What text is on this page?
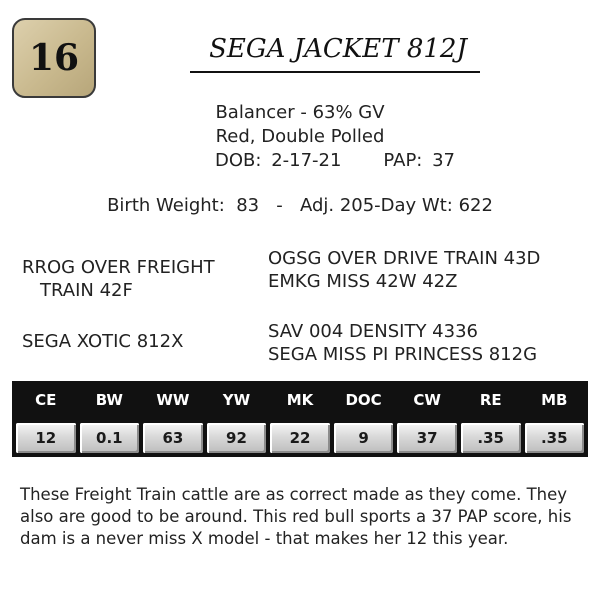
16	SEGA JACKET 812J
Balancer - 63% GV
Red, Double Polled
DOB: 2-17-21 PAP: 37
Birth Weight:  83   -   Adj. 205-Day Wt: 622
RROG OVER FREIGHT
TRAIN 42F
OGSG OVER DRIVE TRAIN 43D
EMKG MISS 42W 42Z
SEGA XOTIC 812X	SAV 004 DENSITY 4336
SEGA MISS PI PRINCESS 812G
CE	BW	WW	YW	MK	DOC	CW	RE	MB
12	0.1	63	92	22	9	37	.35	.35
These Freight Train cattle are as correct made as they come. They also are good to be around. This red bull sports a 37 PAP score, his dam is a never miss X model - that makes her 12 this year.
